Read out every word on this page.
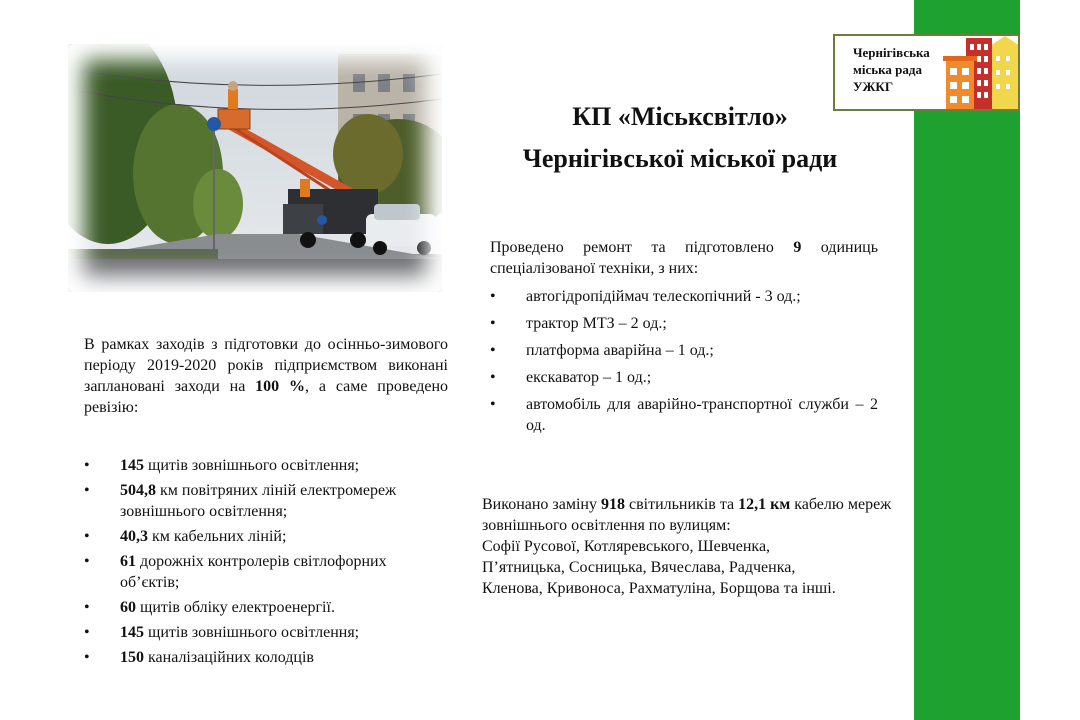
Чернігівська
міська рада
УЖКГ
КП «Міськсвітло»
Чернігівської міської ради

В рамках заходів з підготовки до осінньо-зимового періоду 2019-2020 років підприємством виконані заплановані заходи на 100 %, а саме проведено ревізію:

• 145 щитів зовнішнього освітлення;
• 504,8 км повітряних ліній електромереж зовнішнього освітлення;
• 40,3 км кабельних ліній;
• 61 дорожніх контролерів світлофорних об’єктів;
• 60 щитів обліку електроенергії.
• 145 щитів зовнішнього освітлення;
• 150 каналізаційних колодців

Проведено ремонт та підготовлено 9 одиниць спеціалізованої техніки, з них:

• автогідропідіймач телескопічний - 3 од.;
• трактор МТЗ – 2 од.;
• платформа аварійна – 1 од.;
• екскаватор – 1 од.;
• автомобіль для аварійно-транспортної служби – 2 од.

Виконано заміну 918 світильників та 12,1 км кабелю мереж зовнішнього освітлення по вулицям:

Софії Русової, Котляревського, Шевченка,

П’ятницька, Сосницька, Вячеслава, Радченка,

Кленова, Кривоноса, Рахматуліна, Борщова та інші.
